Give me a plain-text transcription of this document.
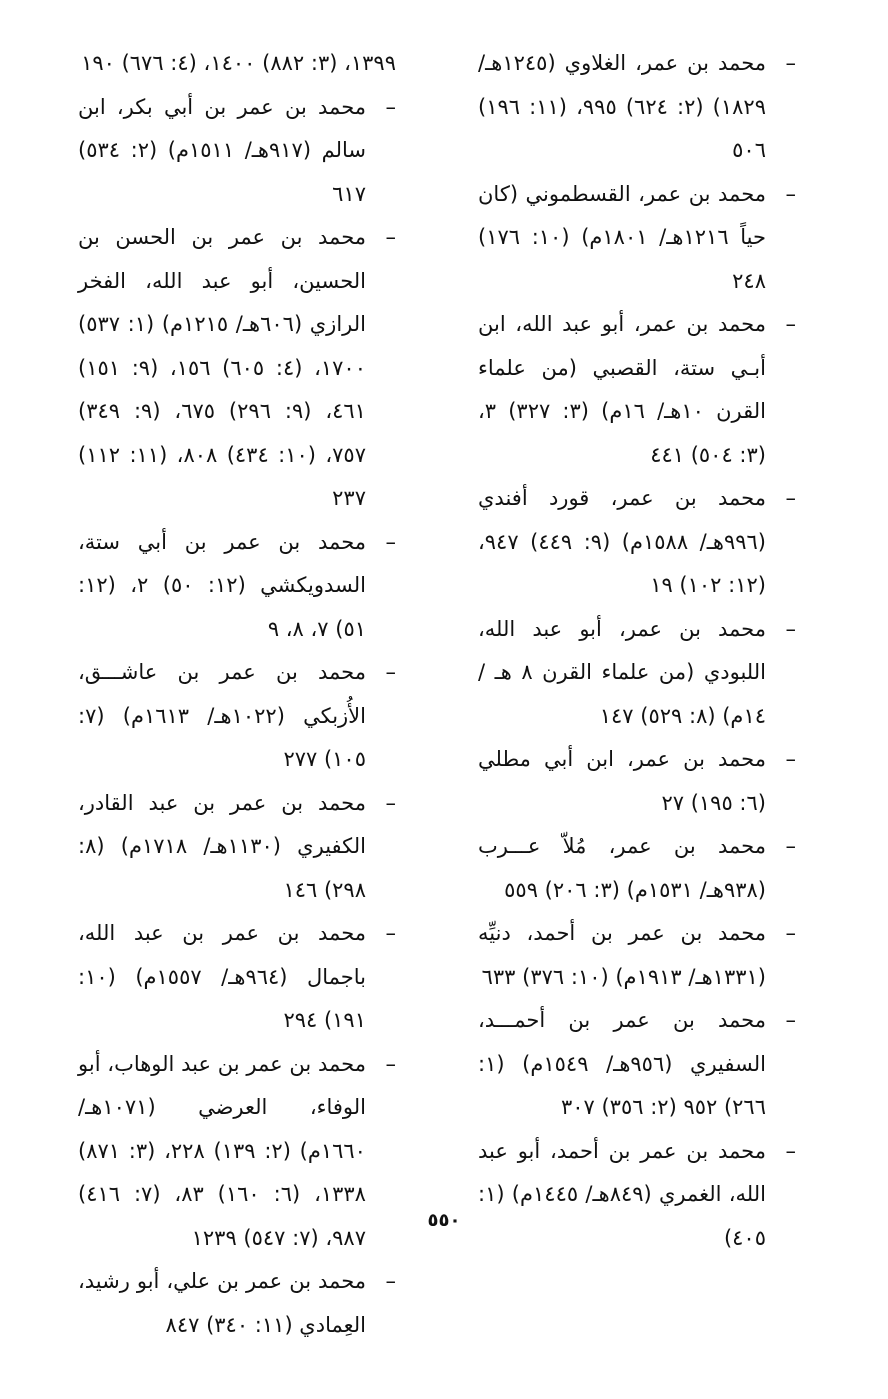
–
محمد بن عمر، الغلاوي (١٢٤٥هـ/ ١٨٢٩) (٢: ٦٢٤) ٩٩٥، (١١: ١٩٦) ٥٠٦

–
محمد بن عمر، القسطموني (كان حياً ١٢١٦هـ/ ١٨٠١م) (١٠: ١٧٦) ٢٤٨

–
محمد بن عمر، أبو عبد الله، ابن أبـي ستة، القصبي (من علماء القرن ١٠هـ/ ١٦م) (٣: ٣٢٧) ٣، (٣: ٥٠٤) ٤٤١

–
محمد بن عمر، قورد أفندي (٩٩٦هـ/ ١٥٨٨م) (٩: ٤٤٩) ٩٤٧، (١٢: ١٠٢) ١٩

–
محمد بن عمر، أبو عبد الله، اللبودي (من علماء القرن ٨ هـ /١٤م) (٨: ٥٢٩) ١٤٧

–
محمد بن عمر، ابن أبي مطلي (٦: ١٩٥) ٢٧

–
محمد بن عمر، مُلاّ عـــرب (٩٣٨هـ/ ١٥٣١م) (٣: ٢٠٦) ٥٥٩

–
محمد بن عمر بن أحمد، دنيِّه (١٣٣١هـ/ ١٩١٣م) (١٠: ٣٧٦) ٦٣٣

–
محمد بن عمر بن أحمـــد، السفيري (٩٥٦هـ/ ١٥٤٩م) (١: ٢٦٦) ٩٥٢ (٢: ٣٥٦) ٣٠٧

–
محمد بن عمر بن أحمد، أبو عبد الله، الغمري (٨٤٩هـ/ ١٤٤٥م) (١: ٤٠٥)

١٣٩٩، (٣: ٨٨٢) ١٤٠٠، (٤: ٦٧٦) ١٩٠

–
محمد بن عمر بن أبي بكر، ابن سالم (٩١٧هـ/ ١٥١١م) (٢: ٥٣٤) ٦١٧

–
محمد بن عمر بن الحسن بن الحسين، أبو عبد الله، الفخر الرازي (٦٠٦هـ/ ١٢١٥م) (١: ٥٣٧) ١٧٠٠، (٤: ٦٠٥) ١٥٦، (٩: ١٥١) ٤٦١، (٩: ٢٩٦) ٦٧٥، (٩: ٣٤٩) ٧٥٧، (١٠: ٤٣٤) ٨٠٨، (١١: ١١٢) ٢٣٧

–
محمد بن عمر بن أبي ستة، السدويكشي (١٢: ٥٠) ٢، (١٢: ٥١) ٧، ٨، ٩

–
محمد بن عمر بن عاشـــق، الأُزبكي (١٠٢٢هـ/ ١٦١٣م) (٧: ١٠٥) ٢٧٧

–
محمد بن عمر بن عبد القادر، الكفيري (١١٣٠هـ/ ١٧١٨م) (٨: ٢٩٨) ١٤٦

–
محمد بن عمر بن عبد الله، باجمال (٩٦٤هـ/ ١٥٥٧م) (١٠: ١٩١) ٢٩٤

–
محمد بن عمر بن عبد الوهاب، أبو الوفاء، العرضي (١٠٧١هـ/ ١٦٦٠م) (٢: ١٣٩) ٢٢٨، (٣: ٨٧١) ١٣٣٨، (٦: ١٦٠) ٨٣، (٧: ٤١٦) ٩٨٧، (٧: ٥٤٧) ١٢٣٩

–
محمد بن عمر بن علي، أبو رشيد، العِمادي (١١: ٣٤٠) ٨٤٧

٥٥٠
